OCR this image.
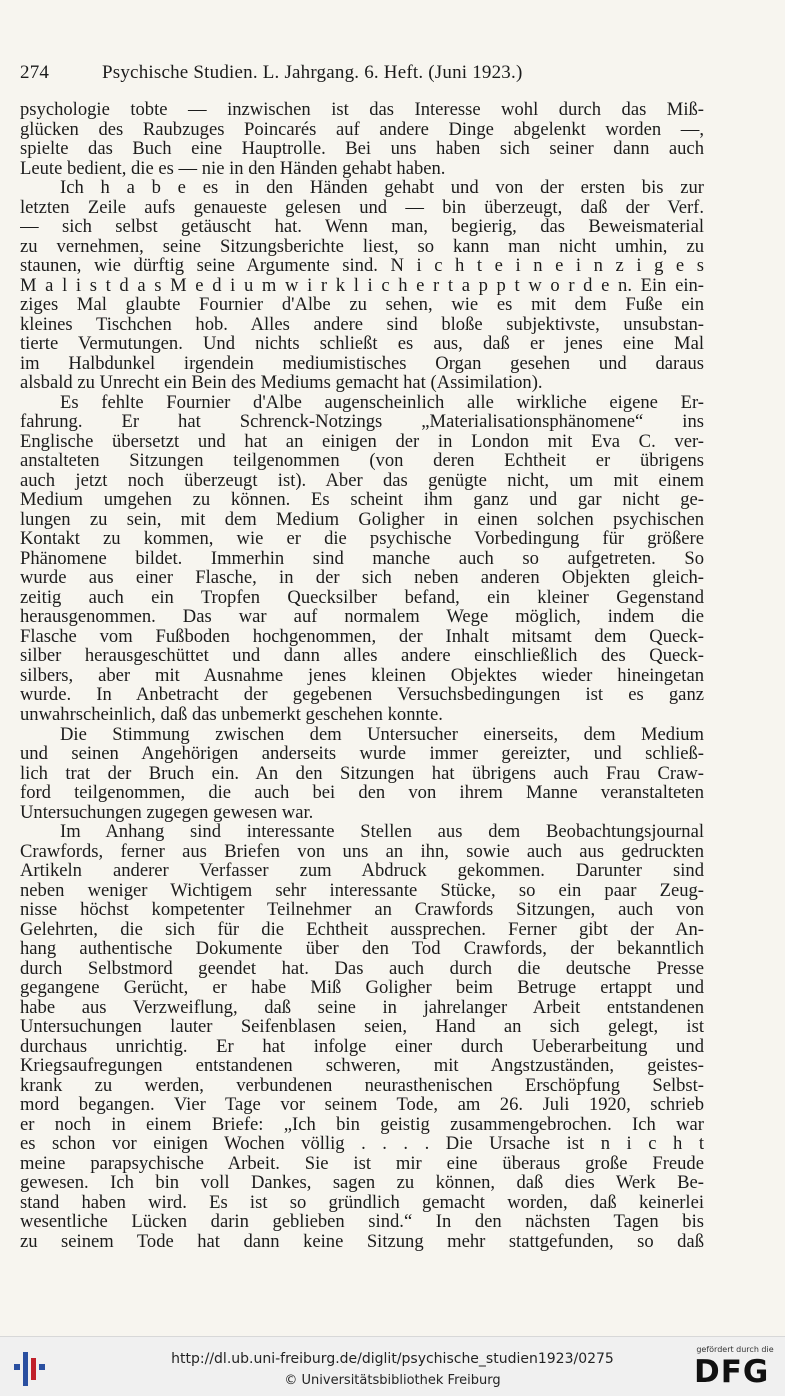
274	Psychische Studien. L. Jahrgang. 6. Heft. (Juni 1923.)
psychologie tobte — inzwischen ist das Interesse wohl durch das Miß-
glücken des Raubzuges Poincarés auf andere Dinge abgelenkt worden —,
spielte das Buch eine Hauptrolle. Bei uns haben sich seiner dann auch
Leute bedient, die es — nie in den Händen gehabt haben.
Ich h a b e es in den Händen gehabt und von der ersten bis zur
letzten Zeile aufs genaueste gelesen und — bin überzeugt, daß der Verf.
— sich selbst getäuscht hat. Wenn man, begierig, das Beweismaterial
zu vernehmen, seine Sitzungsberichte liest, so kann man nicht umhin, zu
staunen, wie dürftig seine Argumente sind. N i c h t e i n e i n z i g e s
M a l i s t d a s M e d i u m w i r k l i c h e r t a p p t w o r d e n. Ein ein-
ziges Mal glaubte Fournier d'Albe zu sehen, wie es mit dem Fuße ein
kleines Tischchen hob. Alles andere sind bloße subjektivste, unsubstan-
tierte Vermutungen. Und nichts schließt es aus, daß er jenes eine Mal
im Halbdunkel irgendein mediumistisches Organ gesehen und daraus
alsbald zu Unrecht ein Bein des Mediums gemacht hat (Assimilation).
Es fehlte Fournier d'Albe augenscheinlich alle wirkliche eigene Er-
fahrung. Er hat Schrenck-Notzings „Materialisationsphänomene“ ins
Englische übersetzt und hat an einigen der in London mit Eva C. ver-
anstalteten Sitzungen teilgenommen (von deren Echtheit er übrigens
auch jetzt noch überzeugt ist). Aber das genügte nicht, um mit einem
Medium umgehen zu können. Es scheint ihm ganz und gar nicht ge-
lungen zu sein, mit dem Medium Goligher in einen solchen psychischen
Kontakt zu kommen, wie er die psychische Vorbedingung für größere
Phänomene bildet. Immerhin sind manche auch so aufgetreten. So
wurde aus einer Flasche, in der sich neben anderen Objekten gleich-
zeitig auch ein Tropfen Quecksilber befand, ein kleiner Gegenstand
herausgenommen. Das war auf normalem Wege möglich, indem die
Flasche vom Fußboden hochgenommen, der Inhalt mitsamt dem Queck-
silber herausgeschüttet und dann alles andere einschließlich des Queck-
silbers, aber mit Ausnahme jenes kleinen Objektes wieder hineingetan
wurde. In Anbetracht der gegebenen Versuchsbedingungen ist es ganz
unwahrscheinlich, daß das unbemerkt geschehen konnte.
Die Stimmung zwischen dem Untersucher einerseits, dem Medium
und seinen Angehörigen anderseits wurde immer gereizter, und schließ-
lich trat der Bruch ein. An den Sitzungen hat übrigens auch Frau Craw-
ford teilgenommen, die auch bei den von ihrem Manne veranstalteten
Untersuchungen zugegen gewesen war.
Im Anhang sind interessante Stellen aus dem Beobachtungsjournal
Crawfords, ferner aus Briefen von uns an ihn, sowie auch aus gedruckten
Artikeln anderer Verfasser zum Abdruck gekommen. Darunter sind
neben weniger Wichtigem sehr interessante Stücke, so ein paar Zeug-
nisse höchst kompetenter Teilnehmer an Crawfords Sitzungen, auch von
Gelehrten, die sich für die Echtheit aussprechen. Ferner gibt der An-
hang authentische Dokumente über den Tod Crawfords, der bekanntlich
durch Selbstmord geendet hat. Das auch durch die deutsche Presse
gegangene Gerücht, er habe Miß Goligher beim Betruge ertappt und
habe aus Verzweiflung, daß seine in jahrelanger Arbeit entstandenen
Untersuchungen lauter Seifenblasen seien, Hand an sich gelegt, ist
durchaus unrichtig. Er hat infolge einer durch Ueberarbeitung und
Kriegsaufregungen entstandenen schweren, mit Angstzuständen, geistes-
krank zu werden, verbundenen neurasthenischen Erschöpfung Selbst-
mord begangen. Vier Tage vor seinem Tode, am 26. Juli 1920, schrieb
er noch in einem Briefe: „Ich bin geistig zusammengebrochen. Ich war
es schon vor einigen Wochen völlig . . . . Die Ursache ist n i c h t
meine parapsychische Arbeit. Sie ist mir eine überaus große Freude
gewesen. Ich bin voll Dankes, sagen zu können, daß dies Werk Be-
stand haben wird. Es ist so gründlich gemacht worden, daß keinerlei
wesentliche Lücken darin geblieben sind.“ In den nächsten Tagen bis
zu seinem Tode hat dann keine Sitzung mehr stattgefunden, so daß
http://dl.ub.uni-freiburg.de/diglit/psychische_studien1923/0275
© Universitätsbibliothek Freiburg
gefördert durch die
DFG
